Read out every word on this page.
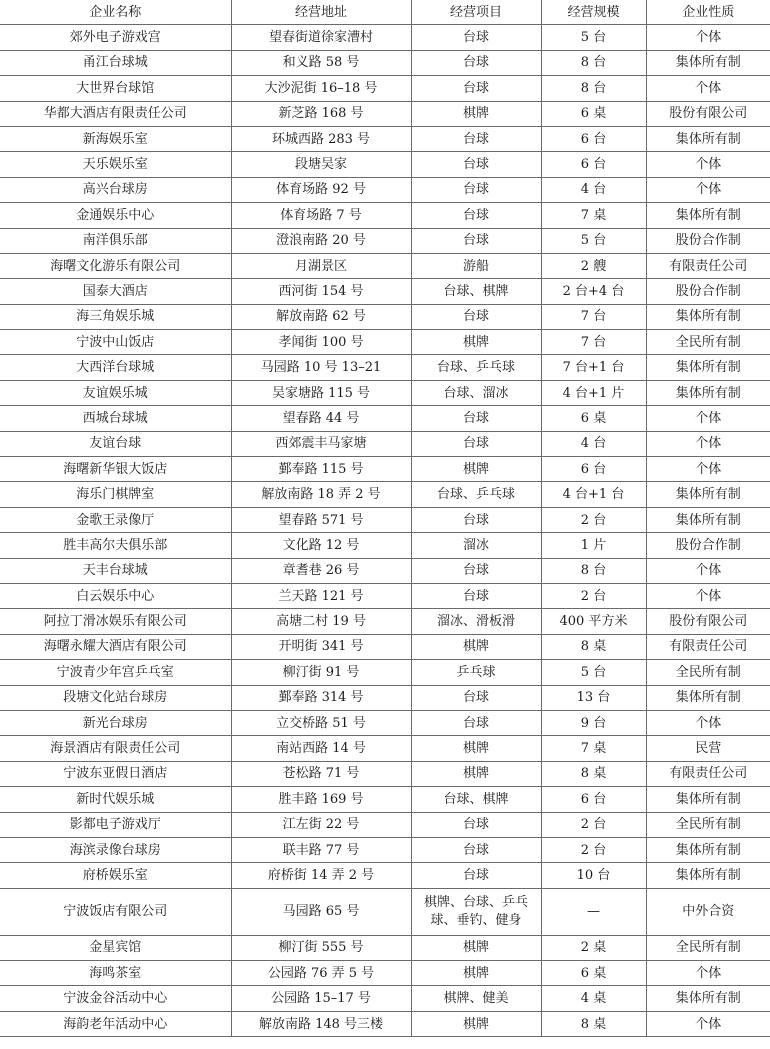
企业名称	经营地址	经营项目	经营规模	企业性质
郊外电子游戏宫	望春街道徐家漕村	台球	5 台	个体
甬江台球城	和义路 58 号	台球	8 台	集体所有制
大世界台球馆	大沙泥街 16–18 号	台球	8 台	个体
华都大酒店有限责任公司	新芝路 168 号	棋牌	6 桌	股份有限公司
新海娱乐室	环城西路 283 号	台球	6 台	集体所有制
天乐娱乐室	段塘吴家	台球	6 台	个体
高兴台球房	体育场路 92 号	台球	4 台	个体
金通娱乐中心	体育场路 7 号	台球	7 桌	集体所有制
南洋俱乐部	澄浪南路 20 号	台球	5 台	股份合作制
海曙文化游乐有限公司	月湖景区	游船	2 艘	有限责任公司
国泰大酒店	西河街 154 号	台球、棋牌	2 台+4 台	股份合作制
海三角娱乐城	解放南路 62 号	台球	7 台	集体所有制
宁波中山饭店	孝闻街 100 号	棋牌	7 台	全民所有制
大西洋台球城	马园路 10 号 13–21	台球、乒乓球	7 台+1 台	集体所有制
友谊娱乐城	吴家塘路 115 号	台球、溜冰	4 台+1 片	集体所有制
西城台球城	望春路 44 号	台球	6 桌	个体
友谊台球	西郊震丰马家塘	台球	4 台	个体
海曙新华银大饭店	鄞奉路 115 号	棋牌	6 台	个体
海乐门棋牌室	解放南路 18 弄 2 号	台球、乒乓球	4 台+1 台	集体所有制
金歌王录像厅	望春路 571 号	台球	2 台	集体所有制
胜丰高尔夫俱乐部	文化路 12 号	溜冰	1 片	股份合作制
天丰台球城	章耆巷 26 号	台球	8 台	个体
白云娱乐中心	兰天路 121 号	台球	2 台	个体
阿拉丁滑冰娱乐有限公司	高塘二村 19 号	溜冰、滑板滑	400 平方米	股份有限公司
海曙永耀大酒店有限公司	开明街 341 号	棋牌	8 桌	有限责任公司
宁波青少年宫乒乓室	柳汀街 91 号	乒乓球	5 台	全民所有制
段塘文化站台球房	鄞奉路 314 号	台球	13 台	集体所有制
新光台球房	立交桥路 51 号	台球	9 台	个体
海景酒店有限责任公司	南站西路 14 号	棋牌	7 桌	民营
宁波东亚假日酒店	苍松路 71 号	棋牌	8 桌	有限责任公司
新时代娱乐城	胜丰路 169 号	台球、棋牌	6 台	集体所有制
影都电子游戏厅	江左街 22 号	台球	2 台	全民所有制
海滨录像台球房	联丰路 77 号	台球	2 台	集体所有制
府桥娱乐室	府桥街 14 弄 2 号	台球	10 台	集体所有制
宁波饭店有限公司	马园路 65 号	棋牌、台球、乒乓球、垂钓、健身	—	中外合资
金星宾馆	柳汀街 555 号	棋牌	2 桌	全民所有制
海鸣茶室	公园路 76 弄 5 号	棋牌	6 桌	个体
宁波金谷活动中心	公园路 15–17 号	棋牌、健美	4 桌	集体所有制
海韵老年活动中心	解放南路 148 号三楼	棋牌	8 桌	个体
